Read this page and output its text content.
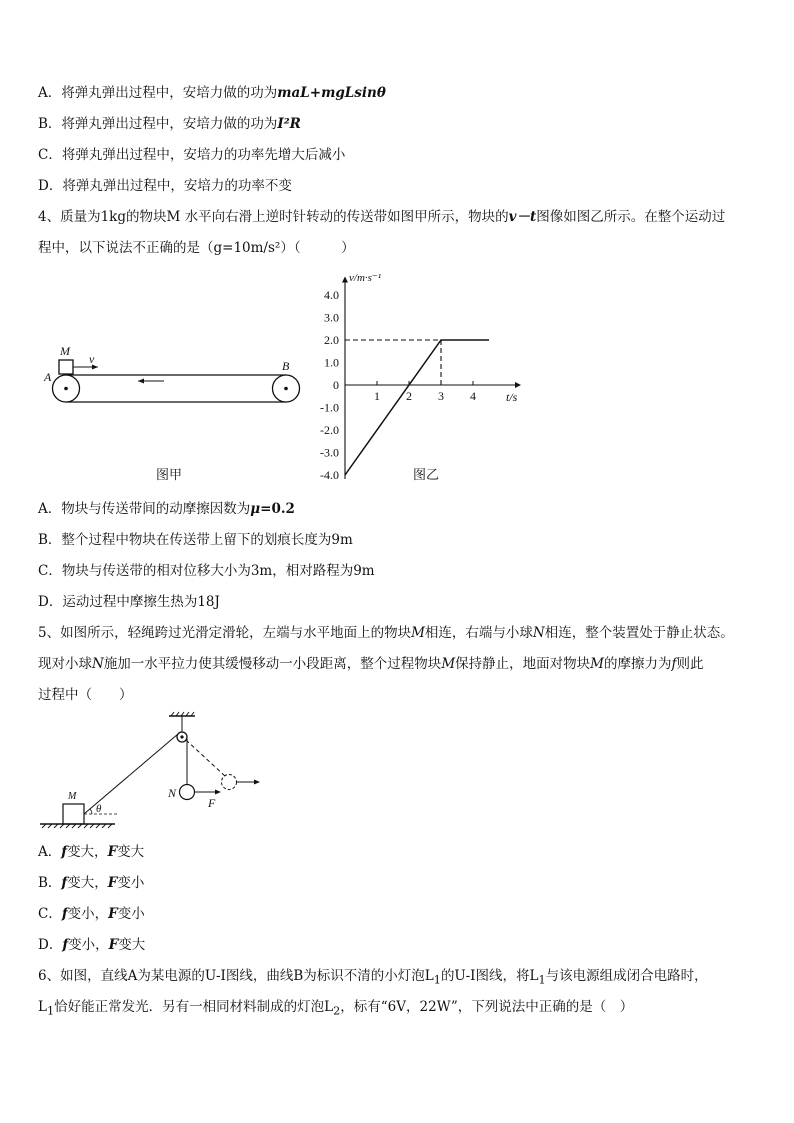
A．将弹丸弹出过程中，安培力做的功为maL+mgLsinθ
B．将弹丸弹出过程中，安培力做的功为I²R
C．将弹丸弹出过程中，安培力的功率先增大后减小
D．将弹丸弹出过程中，安培力的功率不变
4、质量为1kg的物块M 水平向右滑上逆时针转动的传送带如图甲所示，物块的v－t图像如图乙所示。在整个运动过
程中，以下说法不正确的是（g=10m/s²）（　　　）
M
v
A
B
图甲
4.0
3.0
2.0
1.0
0
-1.0
-2.0
-3.0
-4.0
1 2 3 4
v/m·s⁻¹
t/s
图乙
A．物块与传送带间的动摩擦因数为μ=0.2
B．整个过程中物块在传送带上留下的划痕长度为9m
C．物块与传送带的相对位移大小为3m，相对路程为9m
D．运动过程中摩擦生热为18J
5、如图所示，轻绳跨过光滑定滑轮，左端与水平地面上的物块M相连，右端与小球N相连，整个装置处于静止状态。
现对小球N施加一水平拉力使其缓慢移动一小段距离，整个过程物块M保持静止，地面对物块M的摩擦力为f则此
过程中（　　）
N
F
M
θ
A．f变大，F变大
B．f变大，F变小
C．f变小，F变小
D．f变小，F变大
6、如图，直线A为某电源的U-I图线，曲线B为标识不清的小灯泡$L_1$的U-I图线，将$L_1$与该电源组成闭合电路时，
$L_1$恰好能正常发光．另有一相同材料制成的灯泡$L_2$，标有“6V，22W”，下列说法中正确的是（　）
